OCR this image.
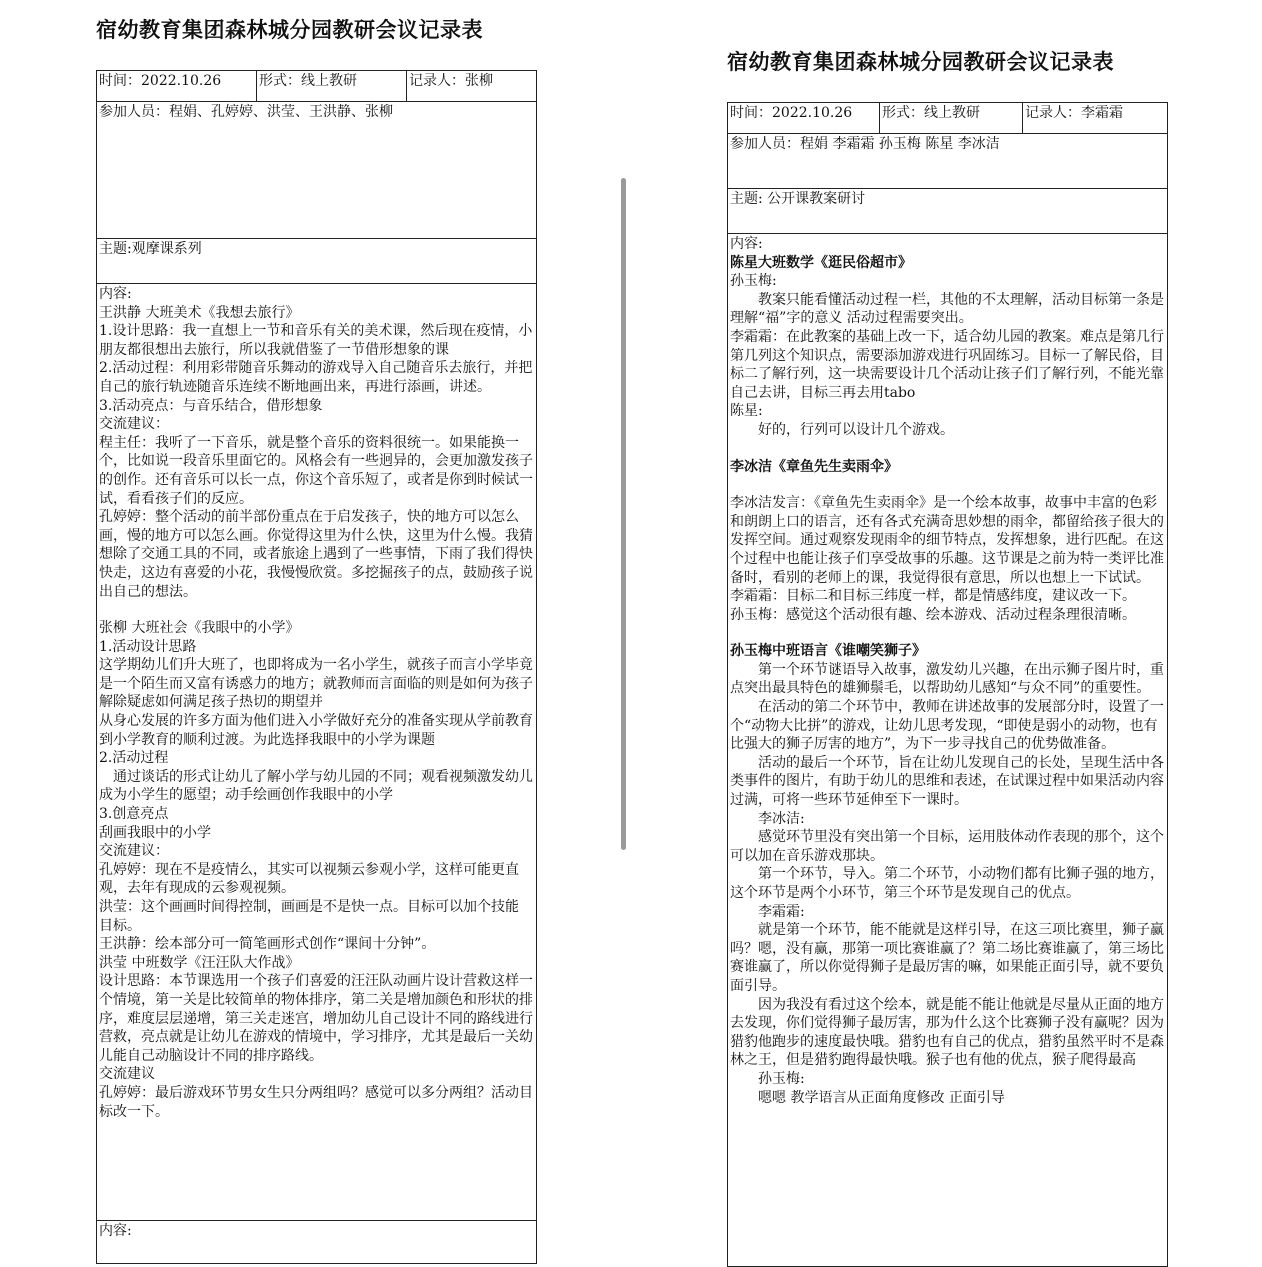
宿幼教育集团森林城分园教研会议记录表
时间：2022.10.26	形式：线上教研	记录人：张柳
参加人员：程娟、孔婷婷、洪莹、王洪静、张柳
主题:观摩课系列

内容:
王洪静 大班美术《我想去旅行》
1.设计思路：我一直想上一节和音乐有关的美术课，然后现在疫情，小朋友都很想出去旅行，所以我就借鉴了一节借形想象的课
2.活动过程：利用彩带随音乐舞动的游戏导入自己随音乐去旅行，并把自己的旅行轨迹随音乐连续不断地画出来，再进行添画，讲述。
3.活动亮点：与音乐结合，借形想象
交流建议：
程主任：我听了一下音乐，就是整个音乐的资料很统一。如果能换一个，比如说一段音乐里面它的。风格会有一些迥异的，会更加激发孩子的创作。还有音乐可以长一点，你这个音乐短了，或者是你到时候试一试，看看孩子们的反应。
孔婷婷：整个活动的前半部份重点在于启发孩子，快的地方可以怎么画，慢的地方可以怎么画。你觉得这里为什么快，这里为什么慢。我猜想除了交通工具的不同，或者旅途上遇到了一些事情，下雨了我们得快快走，这边有喜爱的小花，我慢慢欣赏。多挖掘孩子的点，鼓励孩子说出自己的想法。
张柳 大班社会《我眼中的小学》
1.活动设计思路
这学期幼儿们升大班了，也即将成为一名小学生，就孩子而言小学毕竟是一个陌生而又富有诱惑力的地方；就教师而言面临的则是如何为孩子解除疑虑如何满足孩子热切的期望并
从身心发展的许多方面为他们进入小学做好充分的准备实现从学前教育到小学教育的顺利过渡。为此选择我眼中的小学为课题
2.活动过程
　通过谈话的形式让幼儿了解小学与幼儿园的不同；观看视频激发幼儿成为小学生的愿望；动手绘画创作我眼中的小学
3.创意亮点
刮画我眼中的小学
交流建议：
孔婷婷：现在不是疫情么，其实可以视频云参观小学，这样可能更直观，去年有现成的云参观视频。
洪莹：这个画画时间得控制，画画是不是快一点。目标可以加个技能
目标。
王洪静：绘本部分可一简笔画形式创作“课间十分钟”。
洪莹 中班数学《汪汪队大作战》
设计思路：本节课选用一个孩子们喜爱的汪汪队动画片设计营救这样一个情境，第一关是比较简单的物体排序，第二关是增加颜色和形状的排序，难度层层递增，第三关走迷宫，增加幼儿自己设计不同的路线进行营救，亮点就是让幼儿在游戏的情境中，学习排序，尤其是最后一关幼儿能自己动脑设计不同的排序路线。
交流建议
孔婷婷：最后游戏环节男女生只分两组吗？感觉可以多分两组？活动目标改一下。

内容:
宿幼教育集团森林城分园教研会议记录表
时间：2022.10.26	形式：线上教研	记录人：李霜霜
参加人员：程娟 李霜霜 孙玉梅 陈星 李冰洁
主题: 公开课教案研讨

内容:
陈星大班数学《逛民俗超市》
孙玉梅:
　　教案只能看懂活动过程一栏，其他的不太理解，活动目标第一条是理解“福”字的意义 活动过程需要突出。
李霜霜：在此教案的基础上改一下，适合幼儿园的教案。难点是第几行第几列这个知识点，需要添加游戏进行巩固练习。目标一了解民俗，目标二了解行列，这一块需要设计几个活动让孩子们了解行列，不能光靠自己去讲，目标三再去用tabo
陈星:
　　好的，行列可以设计几个游戏。
李冰洁《章鱼先生卖雨伞》
李冰洁发言：《章鱼先生卖雨伞》是一个绘本故事，故事中丰富的色彩和朗朗上口的语言，还有各式充满奇思妙想的雨伞，都留给孩子很大的发挥空间。通过观察发现雨伞的细节特点，发挥想象，进行匹配。在这个过程中也能让孩子们享受故事的乐趣。这节课是之前为特一类评比准备时，看别的老师上的课，我觉得很有意思，所以也想上一下试试。
李霜霜：目标二和目标三纬度一样，都是情感纬度，建议改一下。
孙玉梅：感觉这个活动很有趣、绘本游戏、活动过程条理很清晰。
孙玉梅中班语言《谁嘲笑狮子》
　　第一个环节谜语导入故事，激发幼儿兴趣，在出示狮子图片时，重点突出最具特色的雄狮鬃毛，以帮助幼儿感知“与众不同”的重要性。
　　在活动的第二个环节中，教师在讲述故事的发展部分时，设置了一个“动物大比拼”的游戏，让幼儿思考发现，“即使是弱小的动物，也有比强大的狮子厉害的地方”，为下一步寻找自己的优势做准备。
　　活动的最后一个环节，旨在让幼儿发现自己的长处，呈现生活中各类事件的图片，有助于幼儿的思维和表述，在试课过程中如果活动内容过满，可将一些环节延伸至下一课时。
　　李冰洁:
　　感觉环节里没有突出第一个目标，运用肢体动作表现的那个，这个可以加在音乐游戏那块。
　　第一个环节，导入。第二个环节，小动物们都有比狮子强的地方，这个环节是两个小环节，第三个环节是发现自己的优点。
　　李霜霜:
　　就是第一个环节，能不能就是这样引导，在这三项比赛里，狮子赢吗？嗯，没有赢，那第一项比赛谁赢了？第二场比赛谁赢了，第三场比赛谁赢了，所以你觉得狮子是最厉害的嘛，如果能正面引导，就不要负面引导。
　　因为我没有看过这个绘本，就是能不能让他就是尽量从正面的地方去发现，你们觉得狮子最厉害，那为什么这个比赛狮子没有赢呢？因为猎豹他跑步的速度最快哦。猎豹也有自己的优点，猎豹虽然平时不是森林之王，但是猎豹跑得最快哦。猴子也有他的优点，猴子爬得最高
　　孙玉梅:
　　嗯嗯 教学语言从正面角度修改 正面引导
